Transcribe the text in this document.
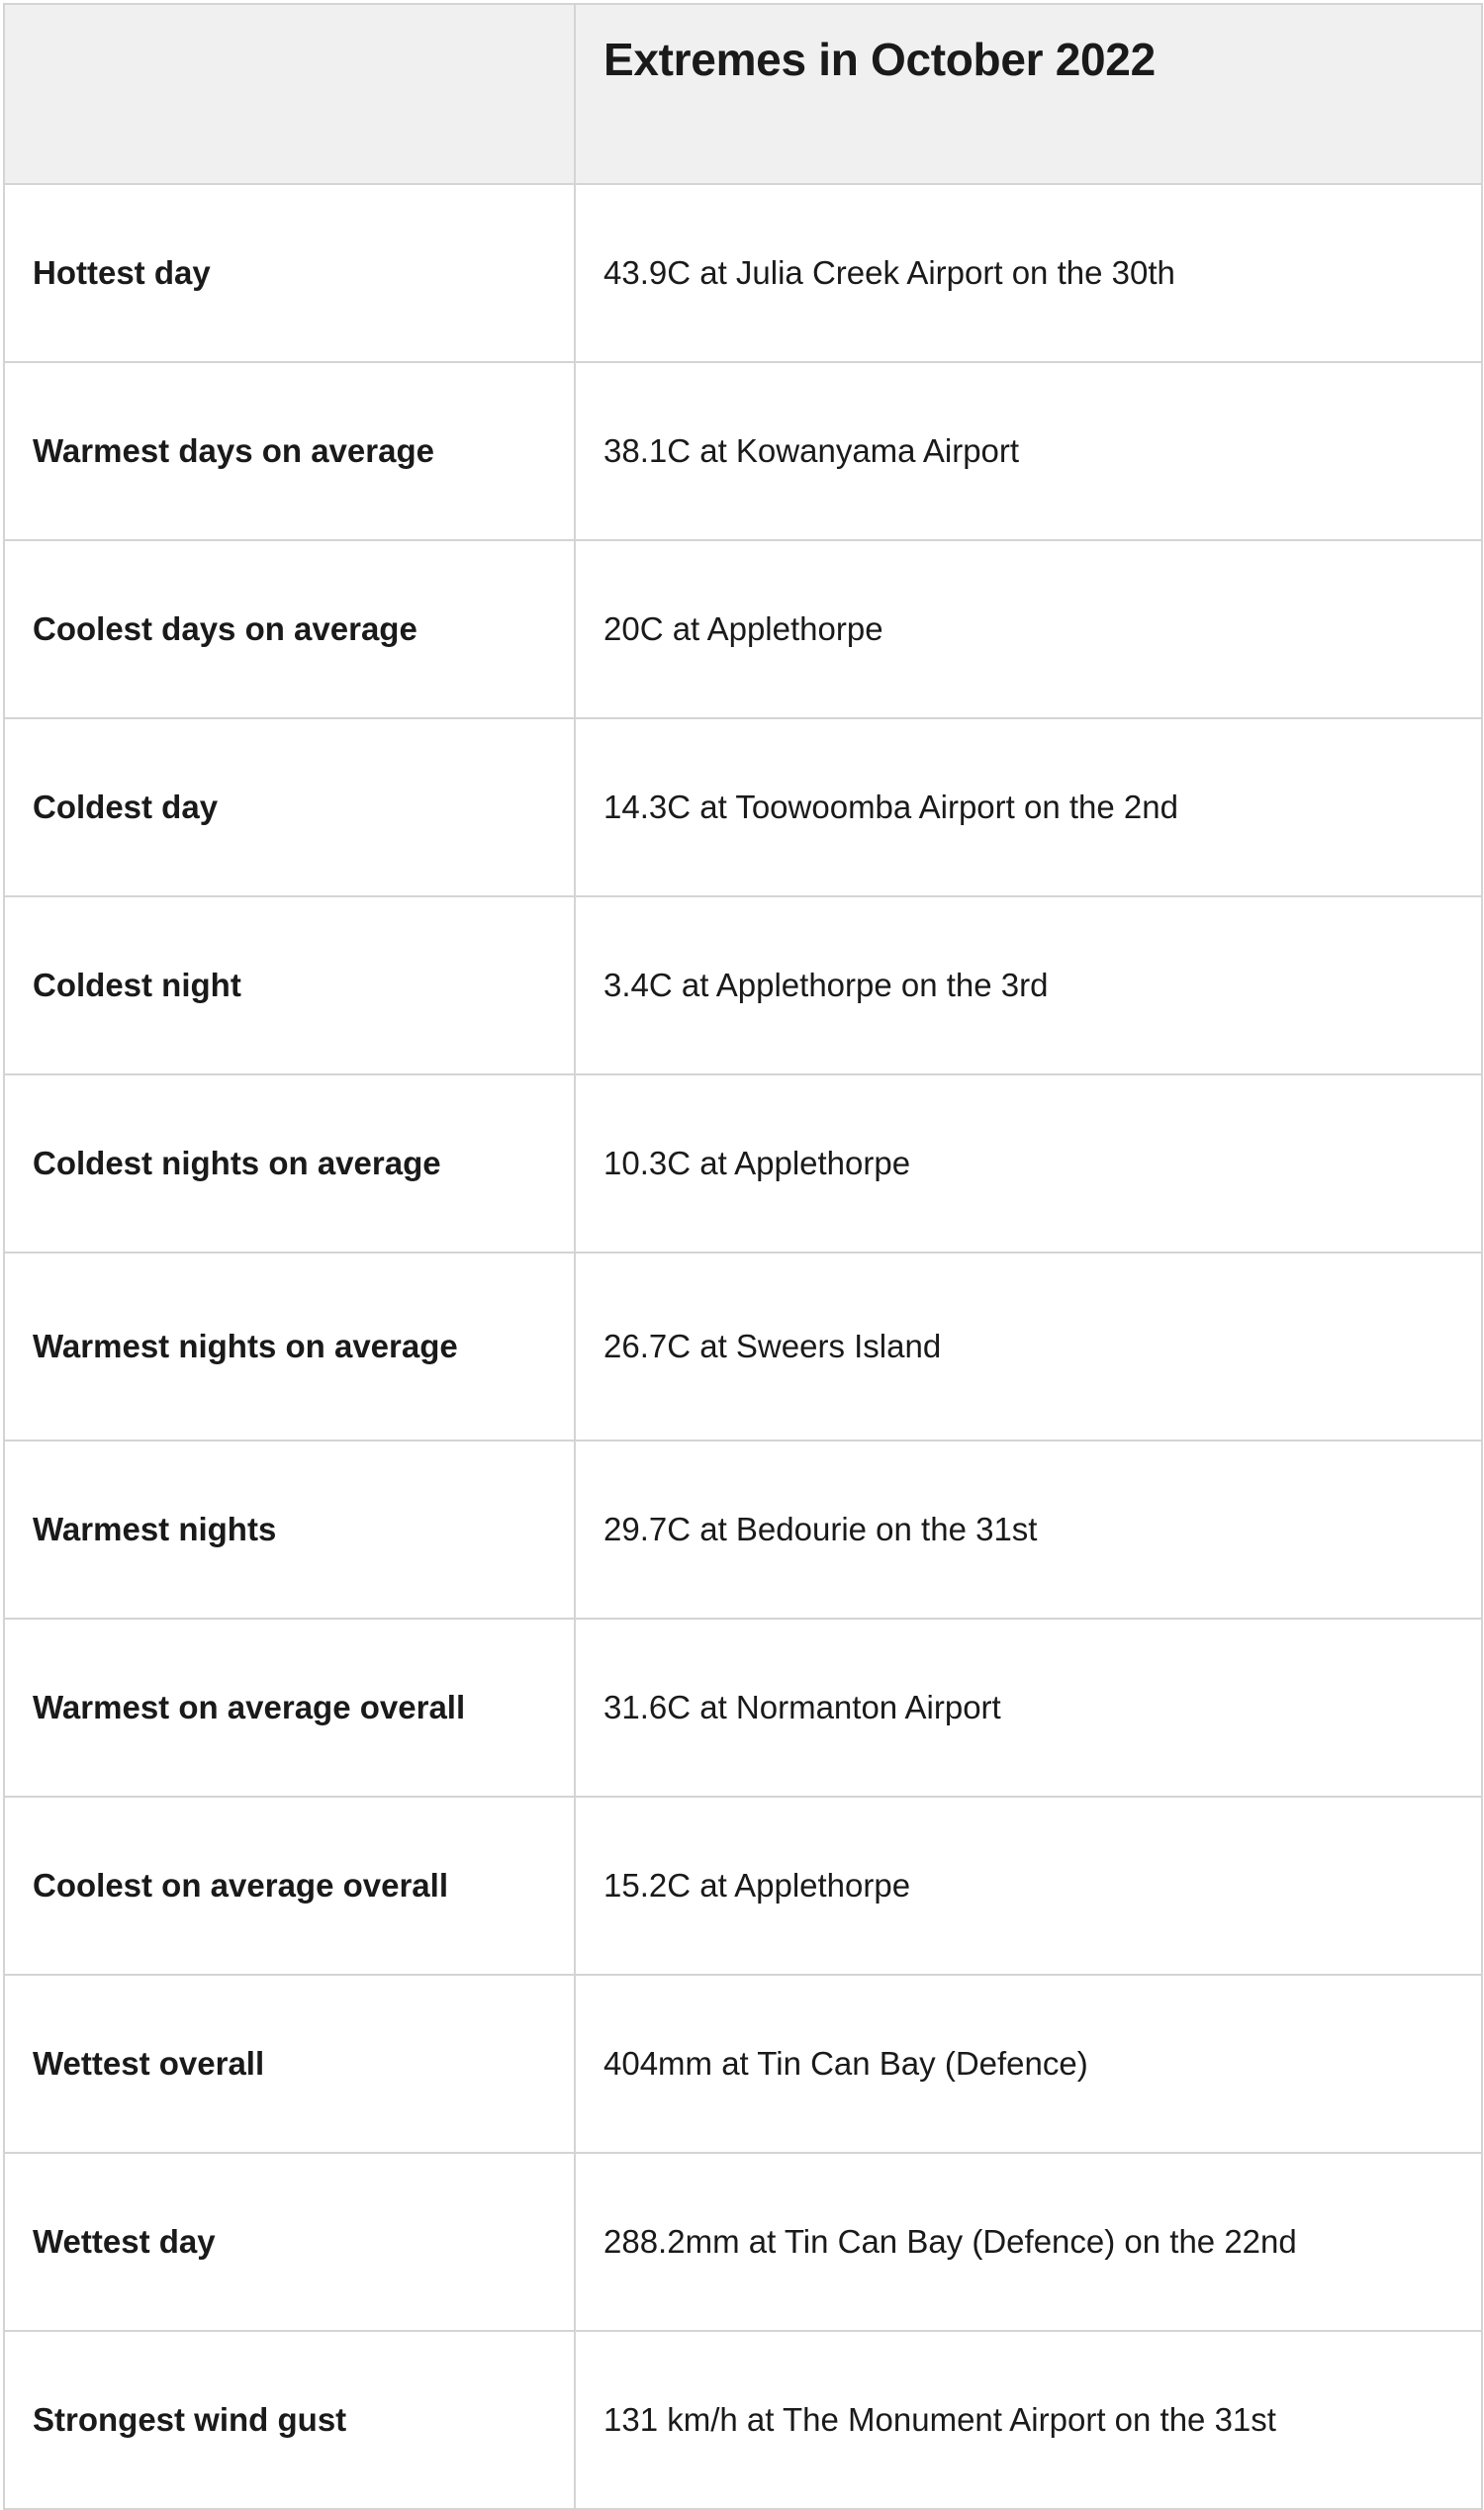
	Extremes in October 2022
Hottest day	43.9C at Julia Creek Airport on the 30th
Warmest days on average	38.1C at Kowanyama Airport
Coolest days on average	20C at Applethorpe
Coldest day	14.3C at Toowoomba Airport on the 2nd
Coldest night	3.4C at Applethorpe on the 3rd
Coldest nights on average	10.3C at Applethorpe
Warmest nights on average	26.7C at Sweers Island
Warmest nights	29.7C at Bedourie on the 31st
Warmest on average overall	31.6C at Normanton Airport
Coolest on average overall	15.2C at Applethorpe
Wettest overall	404mm at Tin Can Bay (Defence)
Wettest day	288.2mm at Tin Can Bay (Defence) on the 22nd
Strongest wind gust	131 km/h at The Monument Airport on the 31st
